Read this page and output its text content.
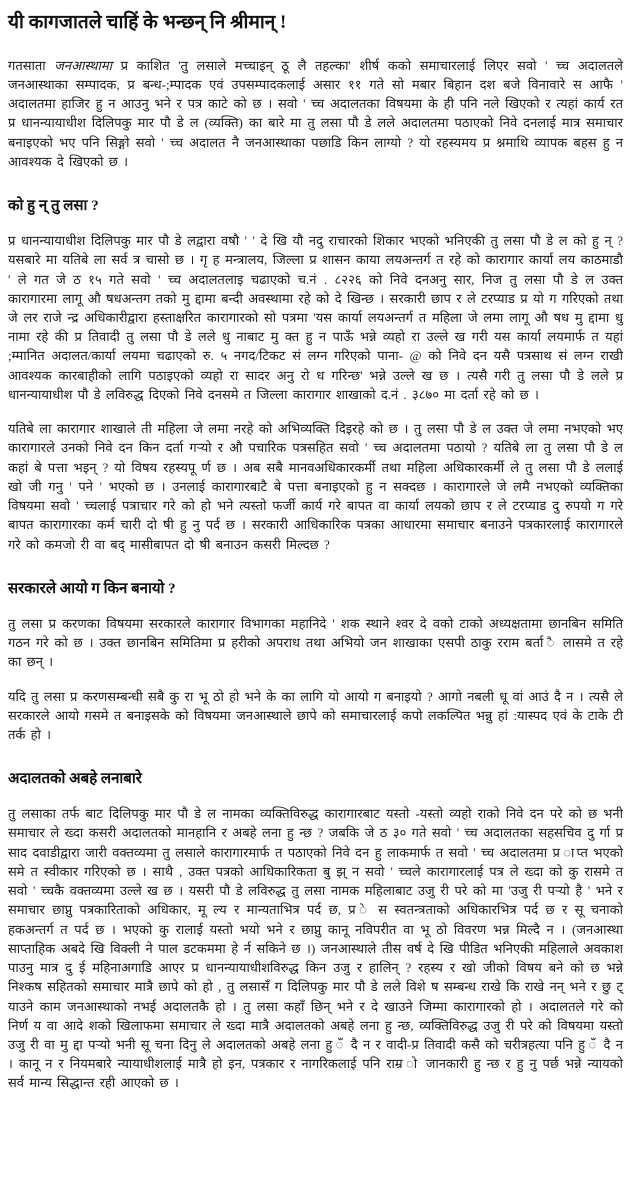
यी कागजातले चाहिं के भन्छन् नि श्रीमान् !

गतसाता जनआस्थामा प्र काशित 'तु लसाले मच्चाइन् ठू लै तहल्का' शीर्ष कको समाचारलाई लिएर सवो ' च्च अदालतले जनआस्थाका सम्पादक, प्र बन्ध-;म्पादक एवं उपसम्पादकलाई असार ११ गते सो मबार बिहान दश बजे विनावारे स आफै ' अदालतमा हाजिर हु न आउनु भने र पत्र काटे को छ । सवो ' च्च अदालतका विषयमा के ही पनि नले खिएको र त्यहां कार्य रत प्र धानन्यायाधीश दिलिपकु मार पौ डे ल (व्यक्ति) का बारे मा तु लसा पौ डे लले अदालतमा पठाएको निवे दनलाई मात्र समाचार बनाइएको भए पनि सिङ्गो सवो ' च्च अदालत नै जनआस्थाका पछाडि किन लाग्यो ? यो रहस्यमय प्र श्नमाथि व्यापक बहस हु न आवश्यक दे खिएको छ ।

को हु न् तु लसा ?

प्र धानन्यायाधीश दिलिपकु मार पौ डे लद्वारा वषौ ' ' दे खि यौ नदु राचारको शिकार भएको भनिएकी तु लसा पौ डे ल को हु न् ? यसबारे मा यतिबे ला सर्व त्र चासो छ । गृ ह मन्त्रालय, जिल्ला प्र शासन काया लयअन्तर्ग त रहे को कारागार कार्या लय काठमाडौ ' ले गत जे ठ १५ गते सवो ' च्च अदालतलाइ चढाएको च.नं . ८२२६ को निवे दनअनु सार, निज तु लसा पौ डे ल उक्त कारागारमा लागू औ षधअन्तग तको मु द्दामा बन्दी अवस्थामा रहे को दे खिन्छ । सरकारी छाप र ले टरप्याड प्र यो ग गरिएको तथा जे लर राजे न्द्र अधिकारीद्वारा हस्ताक्षरित कारागारको सो पत्रमा 'यस कार्या लयअन्तर्ग त महिला जे लमा लागू औ षध मु द्दामा धु नामा रहे की प्र तिवादी तु लसा पौ डे लले धु नाबाट मु क्त हु न पाऊँ भन्ने व्यहो रा उल्ले ख गरी यस कार्या लयमार्फ त यहां ;म्मानित अदालत/कार्या लयमा चढाएको रु. ५ नगद/टिकट सं लग्न गरिएको पाना- @ को निवे दन यसै पत्रसाथ सं लग्न राखी आवश्यक कारबाहीको लागि पठाइएको व्यहो रा सादर अनु रो ध गरिन्छ' भन्ने उल्ले ख छ । त्यसै गरी तु लसा पौ डे लले प्र धानन्यायाधीश पौ डे लविरुद्ध दिएको निवे दनसमे त जिल्ला कारागार शाखाको द.नं . ३८७० मा दर्ता रहे को छ ।

यतिबे ला कारागार शाखाले ती महिला जे लमा नरहे को अभिव्यक्ति दिइरहे को छ । तु लसा पौ डे ल उक्त जे लमा नभएको भए कारागारले उनको निवे दन किन दर्ता गऱ्यो र औ पचारिक पत्रसहित सवो ' च्च अदालतमा पठायो ? यतिबे ला तु लसा पौ डे ल कहां बे पत्ता भइन् ? यो विषय रहस्यपू र्ण छ । अब सबै मानवअधिकारकर्मी तथा महिला अधिकारकर्मी ले तु लसा पौ डे ललाई खो जी गनु ' पने ' भएको छ । उनलाई कारागारबाटै बे पत्ता बनाइएको हु न सक्दछ । कारागारले जे लमै नभएको व्यक्तिका विषयमा सवो ' च्चलाई पत्राचार गरे को हो भने त्यस्तो फर्जी कार्य गरे बापत वा कार्या लयको छाप र ले टरप्याड दु रुपयो ग गरे बापत कारागारका कर्म चारी दो षी हु नु पर्द छ । सरकारी आधिकारिक पत्रका आधारमा समाचार बनाउने पत्रकारलाई कारागारले गरे को कमजो री वा बद् मासीबापत दो षी बनाउन कसरी मिल्दछ ?

सरकारले आयो ग किन बनायो ?

तु लसा प्र करणका विषयमा सरकारले कारागार विभागका महानिदे ' शक स्थाने श्वर दे वको टाको अध्यक्षतामा छानबिन समिति गठन गरे को छ । उक्त छानबिन समितिमा प्र हरीको अपराध तथा अभियो जन शाखाका एसपी ठाकु रराम बर्ता ै लासमे त रहे का छन् ।

यदि तु लसा प्र करणसम्बन्धी सबै कु रा भू ठो हो भने के का लागि यो आयो ग बनाइयो ? आगो नबली धू वां आउं दै न । त्यसै ले सरकारले आयो गसमे त बनाइसके को विषयमा जनआस्थाले छापे को समाचारलाई कपो लकल्पित भन्नु हां :यास्पद एवं के टाके टी तर्क हो ।

अदालतको अबहे लनाबारे

तु लसाका तर्फ बाट दिलिपकु मार पौ डे ल नामका व्यक्तिविरुद्ध कारागारबाट यस्तो -यस्तो व्यहो राको निवे दन परे को छ भनी समाचार ले ख्दा कसरी अदालतको मानहानि र अबहे लना हु न्छ ? जबकि जे ठ ३० गते सवो ' च्च अदालतका सहसचिव दु र्गा प्र साद दवाडीद्वारा जारी वक्तव्यमा तु लसाले कारागारमार्फ त पठाएको निवे दन हु लाकमार्फ त सवो ' च्च अदालतमा प्र ाप्त भएको समे त स्वीकार गरिएको छ । साथै , उक्त पत्रको आधिकारिकता बु झ् न सवो ' च्चले कारागारलाई पत्र ले ख्दा को कु रासमे त सवो ' च्चकै वक्तव्यमा उल्ले ख छ । यसरी पौ डे लविरुद्ध तु लसा नामक महिलाबाट उजु री परे को मा 'उजु री पऱ्यो है ' भने र समाचार छाप्नु पत्रकारिताको अधिकार, मू ल्य र मान्यताभित्र पर्द छ, प्र े स स्वतन्त्रताको अधिकारभित्र पर्द छ र सू चनाको हकअन्तर्ग त पर्द छ । भएको कु रालाई यस्तो भयो भने र छाप्नु कानू नविपरीत वा भू ठो विवरण भन्न मिल्दै न । (जनआस्था साप्ताहिक अबदे खि विक्ली ने पाल डटकममा हे र्न सकिने छ ।) जनआस्थाले तीस वर्ष दे खि पीडित भनिएकी महिलाले अवकाश पाउनु मात्र दु ई महिनाअगाडि आएर प्र धानन्यायाधीशविरुद्ध किन उजु र हालिन् ? रहस्य र खो जीको विषय बने को छ भन्ने निश्कष सहितको समाचार मात्रै छापे को हो , तु लसासँ ग दिलिपकु मार पौ डे लले विशे ष सम्बन्ध राखे कि राखे नन् भने र छु ट् याउने काम जनआस्थाको नभई अदालतकै हो । तु लसा कहाँ छिन् भने र दे खाउने जिम्मा कारागारको हो । अदालतले गरे को निर्ण य वा आदे शको खिलाफमा समाचार ले ख्दा मात्रै अदालतको अबहे लना हु न्छ, व्यक्तिविरुद्ध उजु री परे को विषयमा यस्तो उजु री वा मु द्दा पऱ्यो भनी सू चना दिनु ले अदालतको अबहे लना हु ँ दै न र वादी-प्र तिवादी कसै को चरीत्रहत्या पनि हु ँ दै न । कानू न र नियमबारे न्यायाधीशलाई मात्रै हो इन, पत्रकार र नागरिकलाई पनि राम्र ो जानकारी हु न्छ र हु नु पर्छ भन्ने न्यायको सर्व मान्य सिद्धान्त रही आएको छ ।
